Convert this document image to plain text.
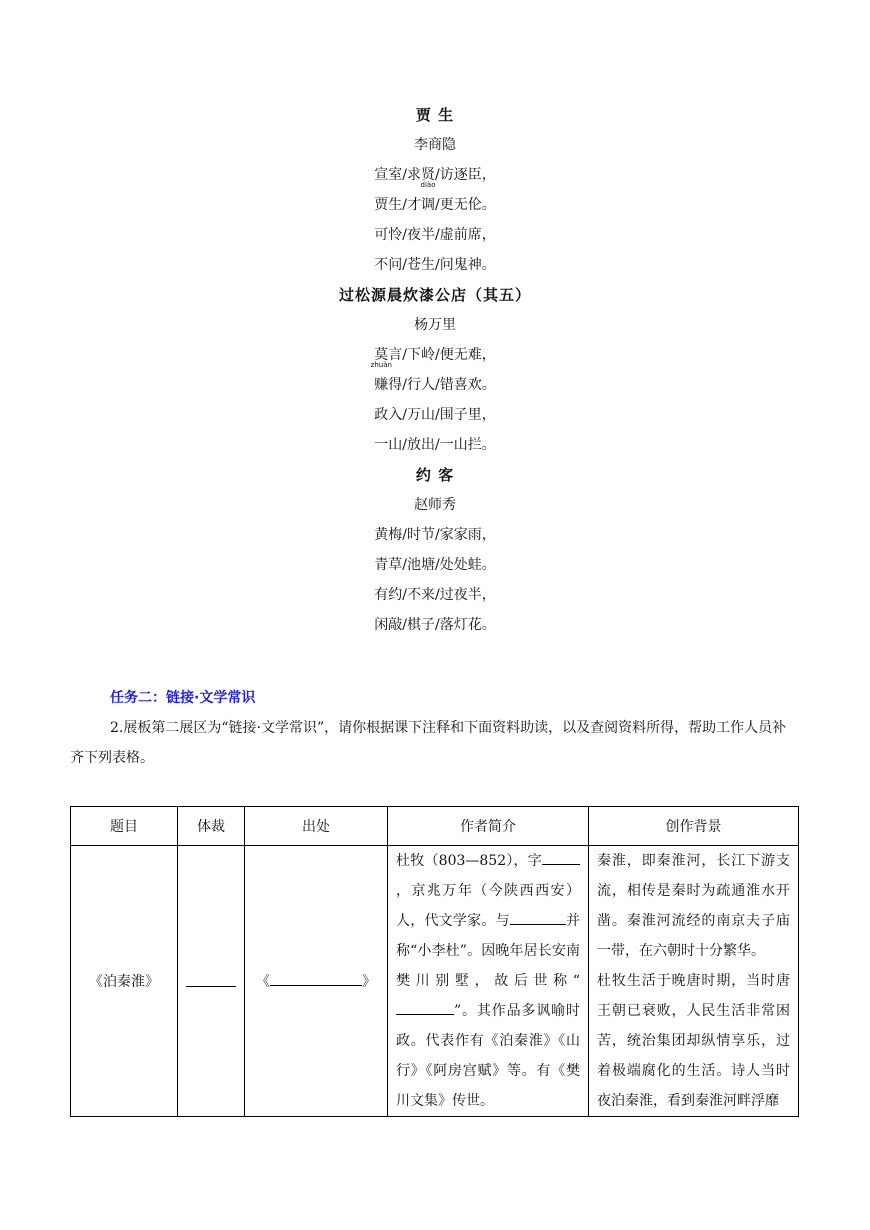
贾 生
李商隐
宣室/求贤/访逐臣，
贾生/才
diào
调/更无伦。
可怜/夜半/虚前席，
不问/苍生/问鬼神。
过松源晨炊漆公店（其五）
杨万里
莫言/下岭/便无难，
zhuàn
赚得/行人/错喜欢。
政入/万山/围子里，
一山/放出/一山拦。
约 客
赵师秀
黄梅/时节/家家雨，
青草/池塘/处处蛙。
有约/不来/过夜半，
闲敲/棋子/落灯花。
任务二：链接·文学常识
2.展板第二展区为“链接·文学常识”，请你根据课下注释和下面资料助读，以及查阅资料所得，帮助工作人员补齐下列表格。
题目	体裁	出处	作者简介	创作背景
《泊秦淮》		《 》	杜牧（803—852），字，京兆万年（今陕西西安）人，代文学家。与 并称“小李杜”。因晚年居长安南樊川别墅，故后世称“”。其作品多讽喻时政。代表作有《泊秦淮》《山行》《阿房宫赋》等。有《樊川文集》传世。	秦淮，即秦淮河，长江下游支流，相传是秦时为疏通淮水开凿。秦淮河流经的南京夫子庙一带，在六朝时十分繁华。
杜牧生活于晚唐时期，当时唐王朝已衰败，人民生活非常困苦，统治集团却纵情享乐，过着极端腐化的生活。诗人当时夜泊秦淮，看到秦淮河畔浮靡
